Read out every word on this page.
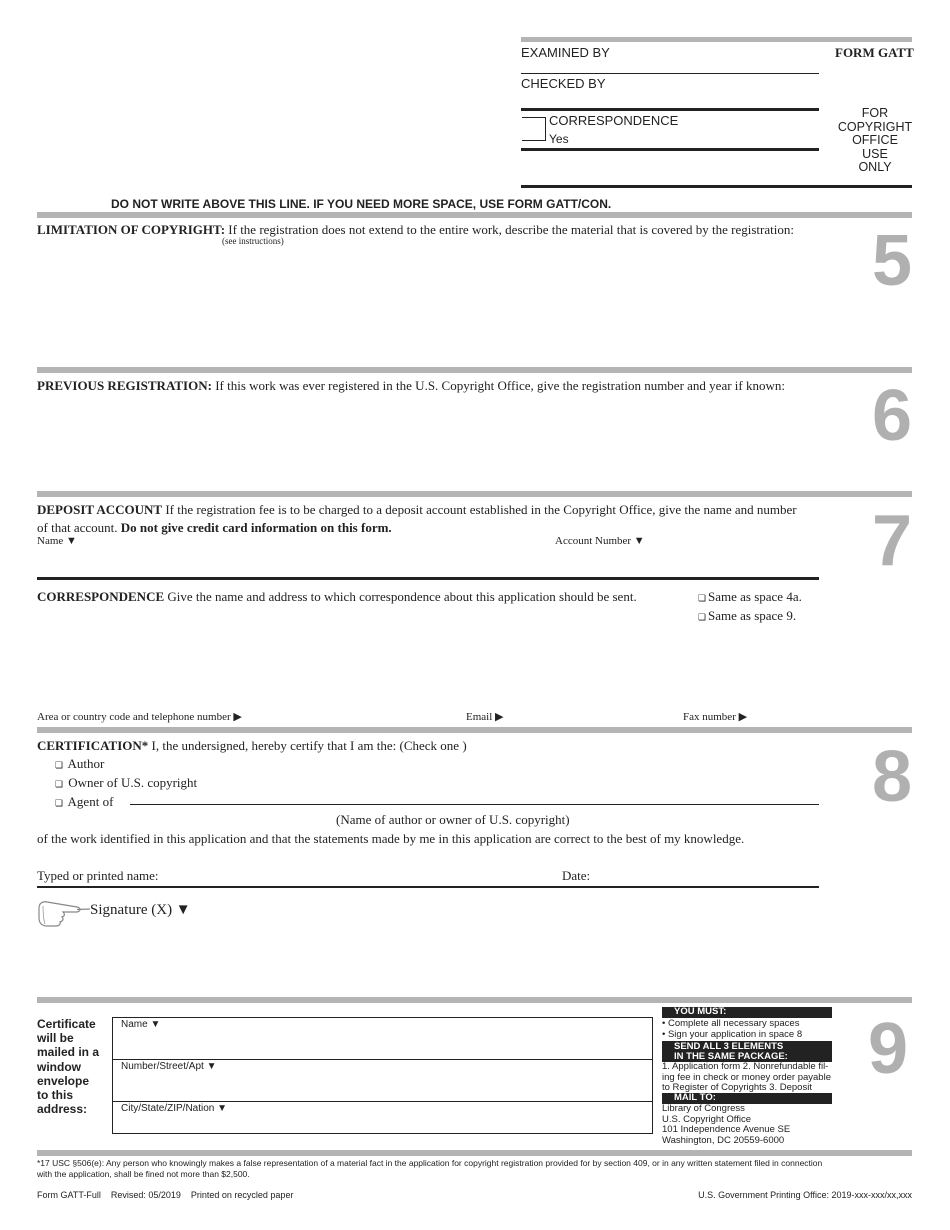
EXAMINED BY	FORM GATT
CHECKED BY
CORRESPONDENCE
Yes
FOR
COPYRIGHT
OFFICE
USE
ONLY
DO NOT WRITE ABOVE THIS LINE. IF YOU NEED MORE SPACE, USE FORM GATT/CON.
LIMITATION OF COPYRIGHT: If the registration does not extend to the entire work, describe the material that is covered by the registration:
(see instructions)	5
PREVIOUS REGISTRATION: If this work was ever registered in the U.S. Copyright Office, give the registration number and year if known: 6
DEPOSIT ACCOUNT If the registration fee is to be charged to a deposit account established in the Copyright Office, give the name and number
of that account. Do not give credit card information on this form.
Name ▼	Account Number ▼	7
CORRESPONDENCE Give the name and address to which correspondence about this application should be sent.	❏ Same as space 4a.
❏ Same as space 9.
Area or country code and telephone number ▶	Email ▶	Fax number ▶
CERTIFICATION* I, the undersigned, hereby certify that I am the: (Check one )
❏ Author
❏ Owner of U.S. copyright
❏ Agent of
(Name of author or owner of U.S. copyright)
of the work identified in this application and that the statements made by me in this application are correct to the best of my knowledge.
Typed or printed name:	Date:
Signature (X) ▼
8
Certificate
will be
mailed in a
window
envelope
to this
address:
Name ▼
Number/Street/Apt ▼
City/State/ZIP/Nation ▼
YOU MUST:
• Complete all necessary spaces
• Sign your application in space 8
SEND ALL 3 ELEMENTS
IN THE SAME PACKAGE:
1. Application form 2. Nonrefundable fil-
ing fee in check or money order payable
to Register of Copyrights 3. Deposit
MAIL TO:
Library of Congress
U.S. Copyright Office
101 Independence Avenue SE
Washington, DC 20559-6000
9
*17 USC §506(e): Any person who knowingly makes a false representation of a material fact in the application for copyright registration provided for by section 409, or in any written statement filed in connection
with the application, shall be fined not more than $2,500.
Form GATT-Full    Revised: 05/2019    Printed on recycled paper	U.S. Government Printing Office: 2019-xxx-xxx/xx,xxx
